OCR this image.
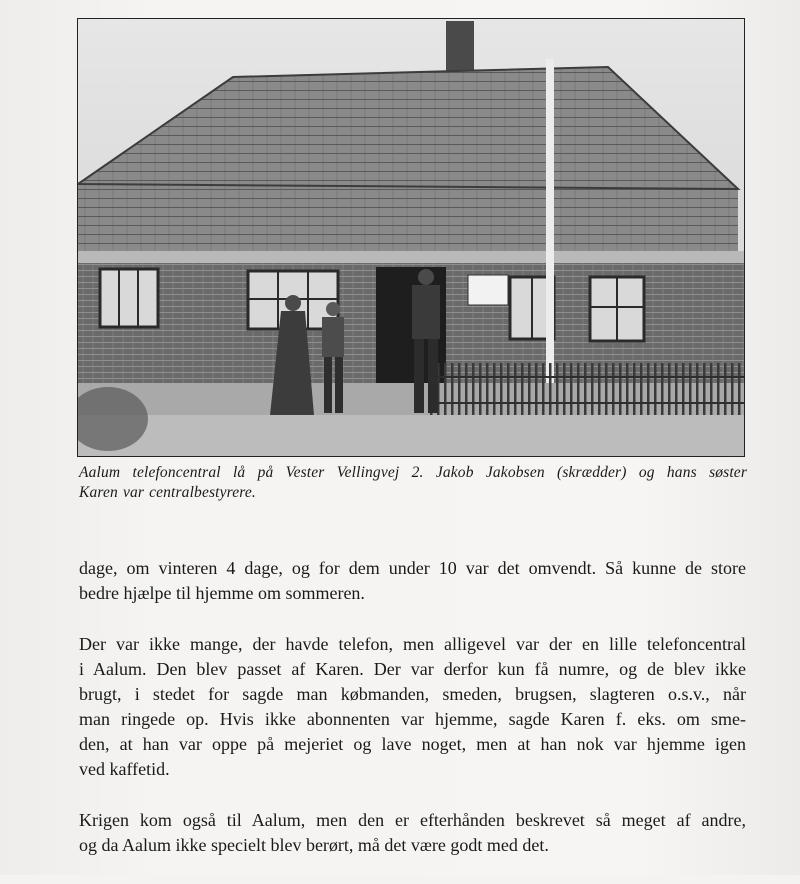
Aalum telefoncentral lå på Vester Vellingvej 2. Jakob Jakobsen (skrædder) og hans søster
Karen var centralbestyrere.

dage, om vinteren 4 dage, og for dem under 10 var det omvendt. Så kunne de store
bedre hjælpe til hjemme om sommeren.

Der var ikke mange, der havde telefon, men alligevel var der en lille telefoncentral
i Aalum. Den blev passet af Karen. Der var derfor kun få numre, og de blev ikke
brugt, i stedet for sagde man købmanden, smeden, brugsen, slagteren o.s.v., når
man ringede op. Hvis ikke abonnenten var hjemme, sagde Karen f. eks. om sme-
den, at han var oppe på mejeriet og lave noget, men at han nok var hjemme igen
ved kaffetid.

Krigen kom også til Aalum, men den er efterhånden beskrevet så meget af andre,
og da Aalum ikke specielt blev berørt, må det være godt med det.
